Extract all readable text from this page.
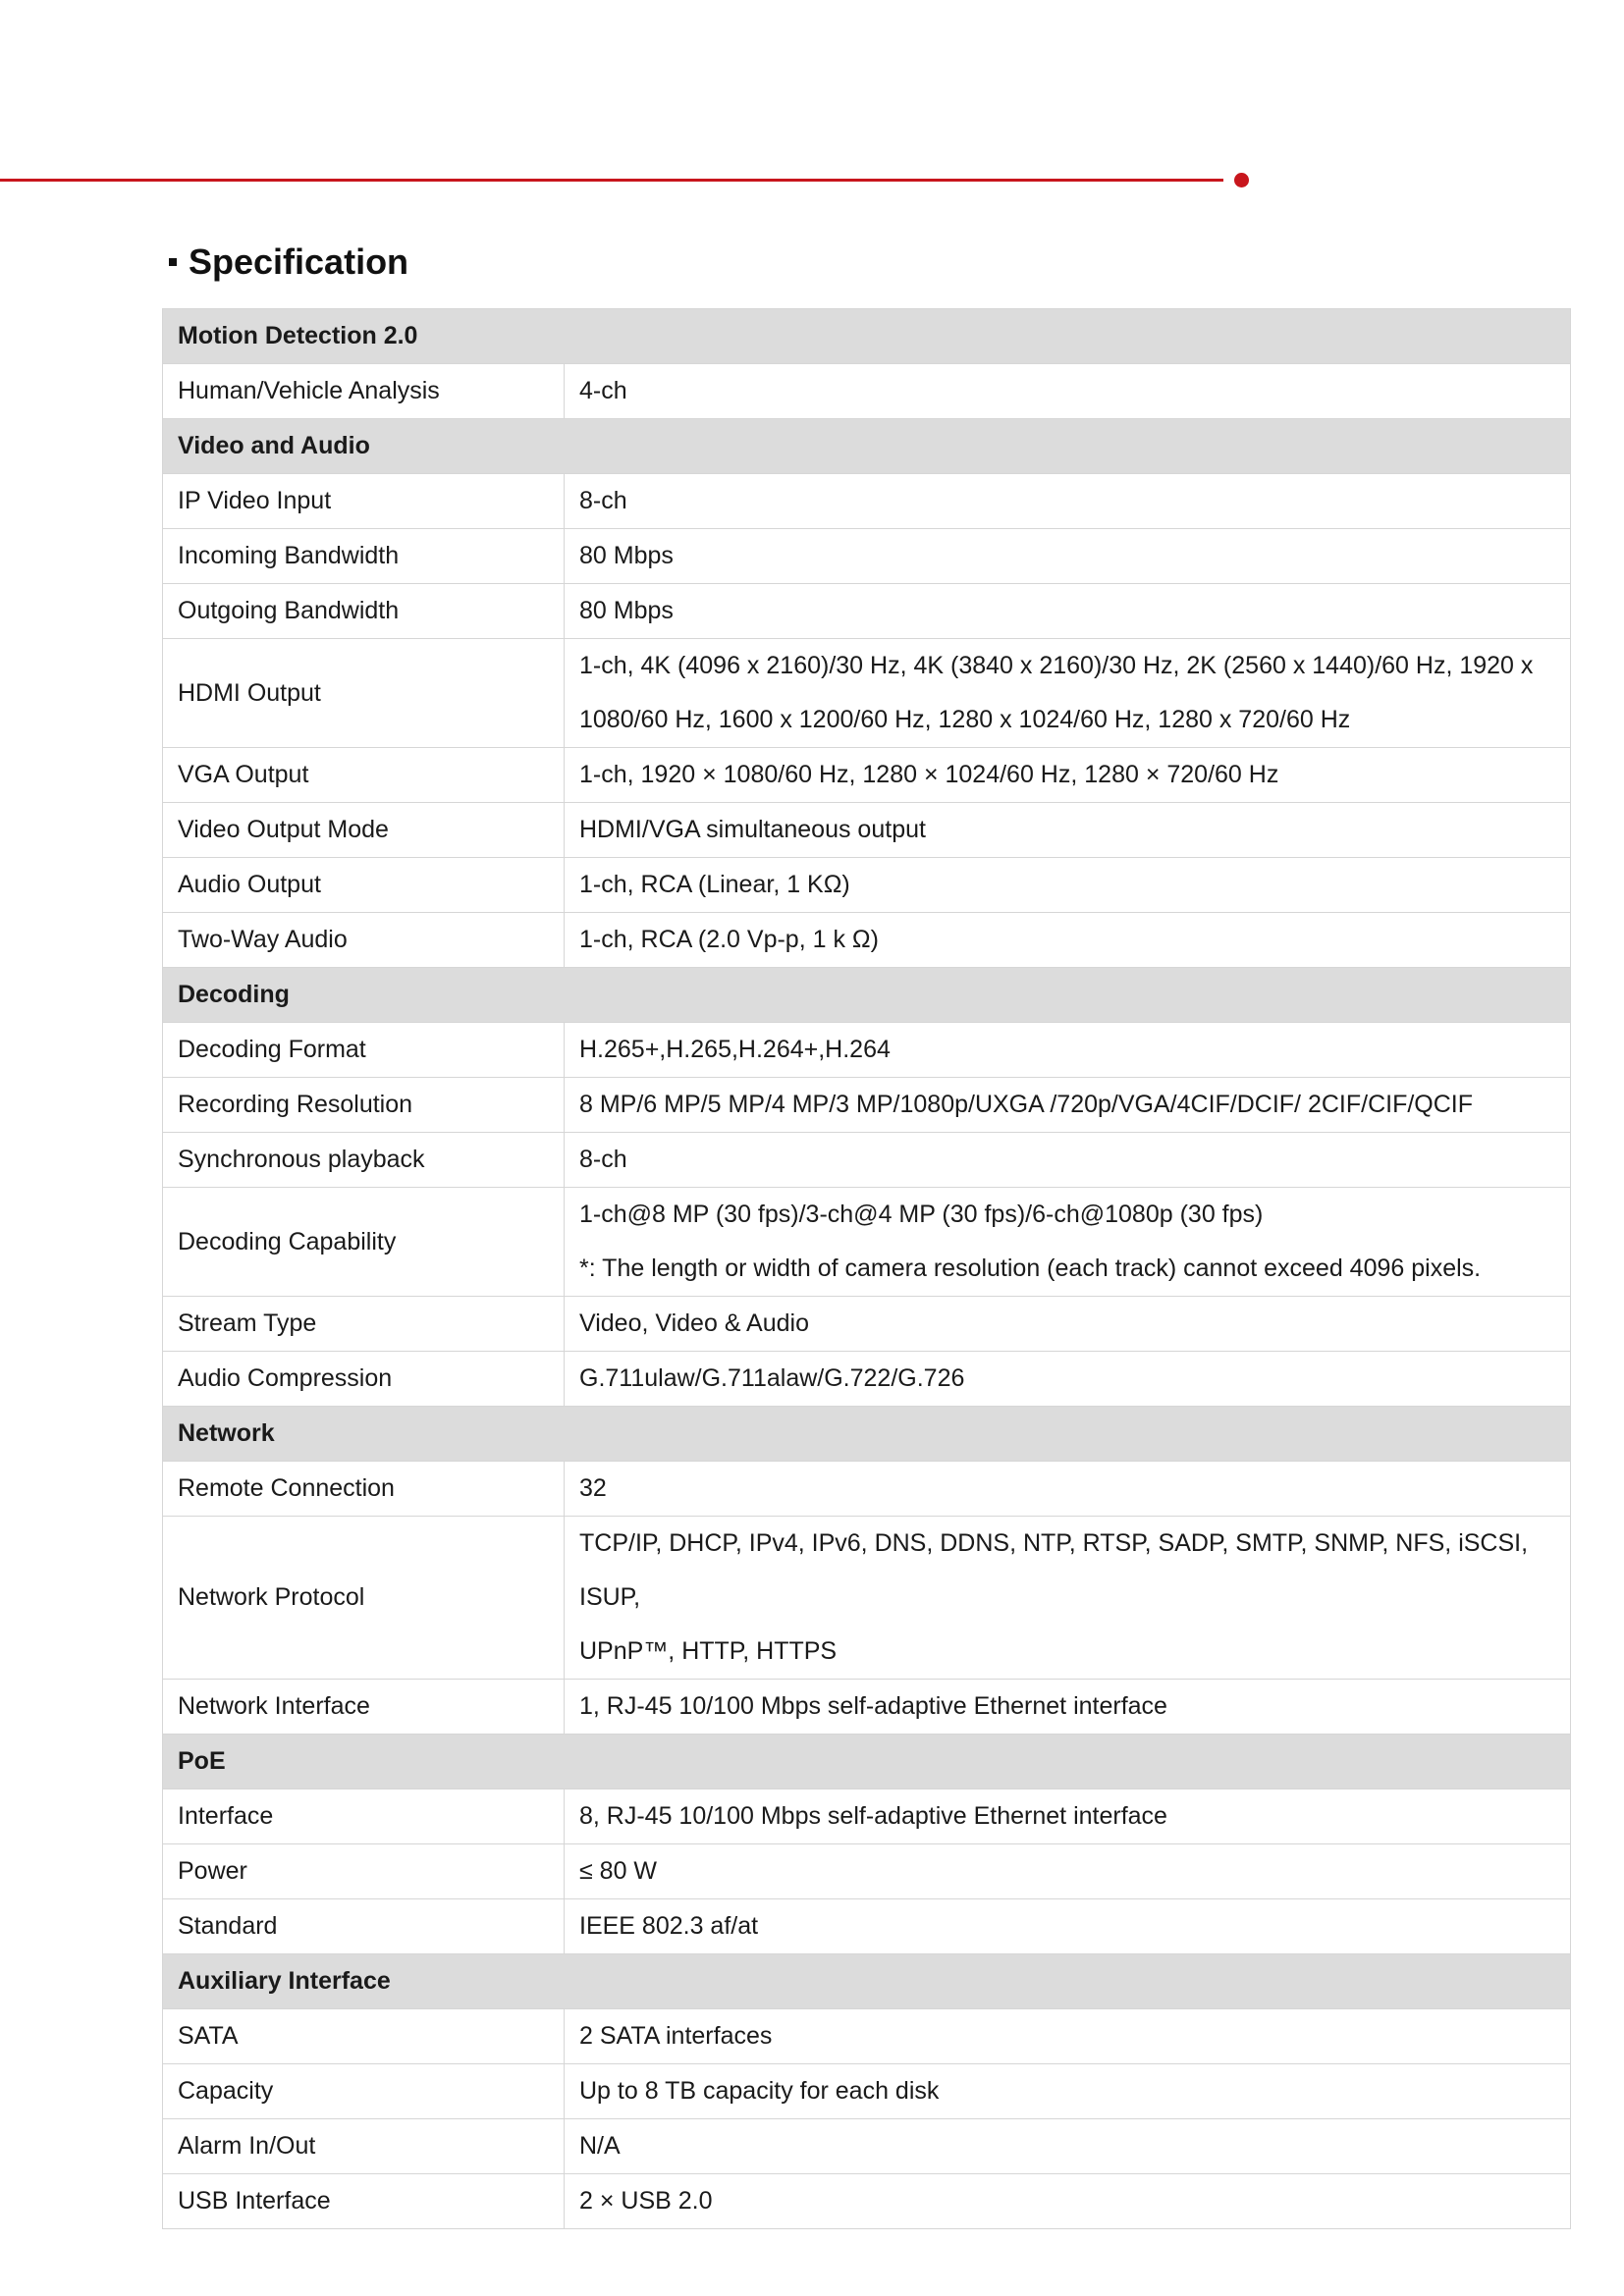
Specification
Motion Detection 2.0	
Human/Vehicle Analysis	4-ch

Video and Audio	
IP Video Input	8-ch

Incoming Bandwidth	80 Mbps

Outgoing Bandwidth	80 Mbps

HDMI Output	1-ch, 4K (4096 x 2160)/30 Hz, 4K (3840 x 2160)/30 Hz, 2K (2560 x 1440)/60 Hz, 1920 x
1080/60 Hz, 1600 x 1200/60 Hz, 1280 x 1024/60 Hz, 1280 x 720/60 Hz

VGA Output	1-ch, 1920 × 1080/60 Hz, 1280 × 1024/60 Hz, 1280 × 720/60 Hz

Video Output Mode	HDMI/VGA simultaneous output

Audio Output	1-ch, RCA (Linear, 1 KΩ)

Two-Way Audio	1-ch, RCA (2.0 Vp-p, 1 k Ω)

Decoding	
Decoding Format	H.265+,H.265,H.264+,H.264

Recording Resolution	8 MP/6 MP/5 MP/4 MP/3 MP/1080p/UXGA /720p/VGA/4CIF/DCIF/ 2CIF/CIF/QCIF

Synchronous playback	8-ch

Decoding Capability	1-ch@8 MP (30 fps)/3-ch@4 MP (30 fps)/6-ch@1080p (30 fps)
*: The length or width of camera resolution (each track) cannot exceed 4096 pixels.

Stream Type	Video, Video & Audio

Audio Compression	G.711ulaw/G.711alaw/G.722/G.726

Network	
Remote Connection	32

Network Protocol	TCP/IP, DHCP, IPv4, IPv6, DNS, DDNS, NTP, RTSP, SADP, SMTP, SNMP, NFS, iSCSI, ISUP,
UPnP™, HTTP, HTTPS

Network Interface	1, RJ-45 10/100 Mbps self-adaptive Ethernet interface

PoE	
Interface	8, RJ-45 10/100 Mbps self-adaptive Ethernet interface

Power	≤ 80 W

Standard	IEEE 802.3 af/at

Auxiliary Interface	
SATA	2 SATA interfaces

Capacity	Up to 8 TB capacity for each disk

Alarm In/Out	N/A

USB Interface	2 × USB 2.0
